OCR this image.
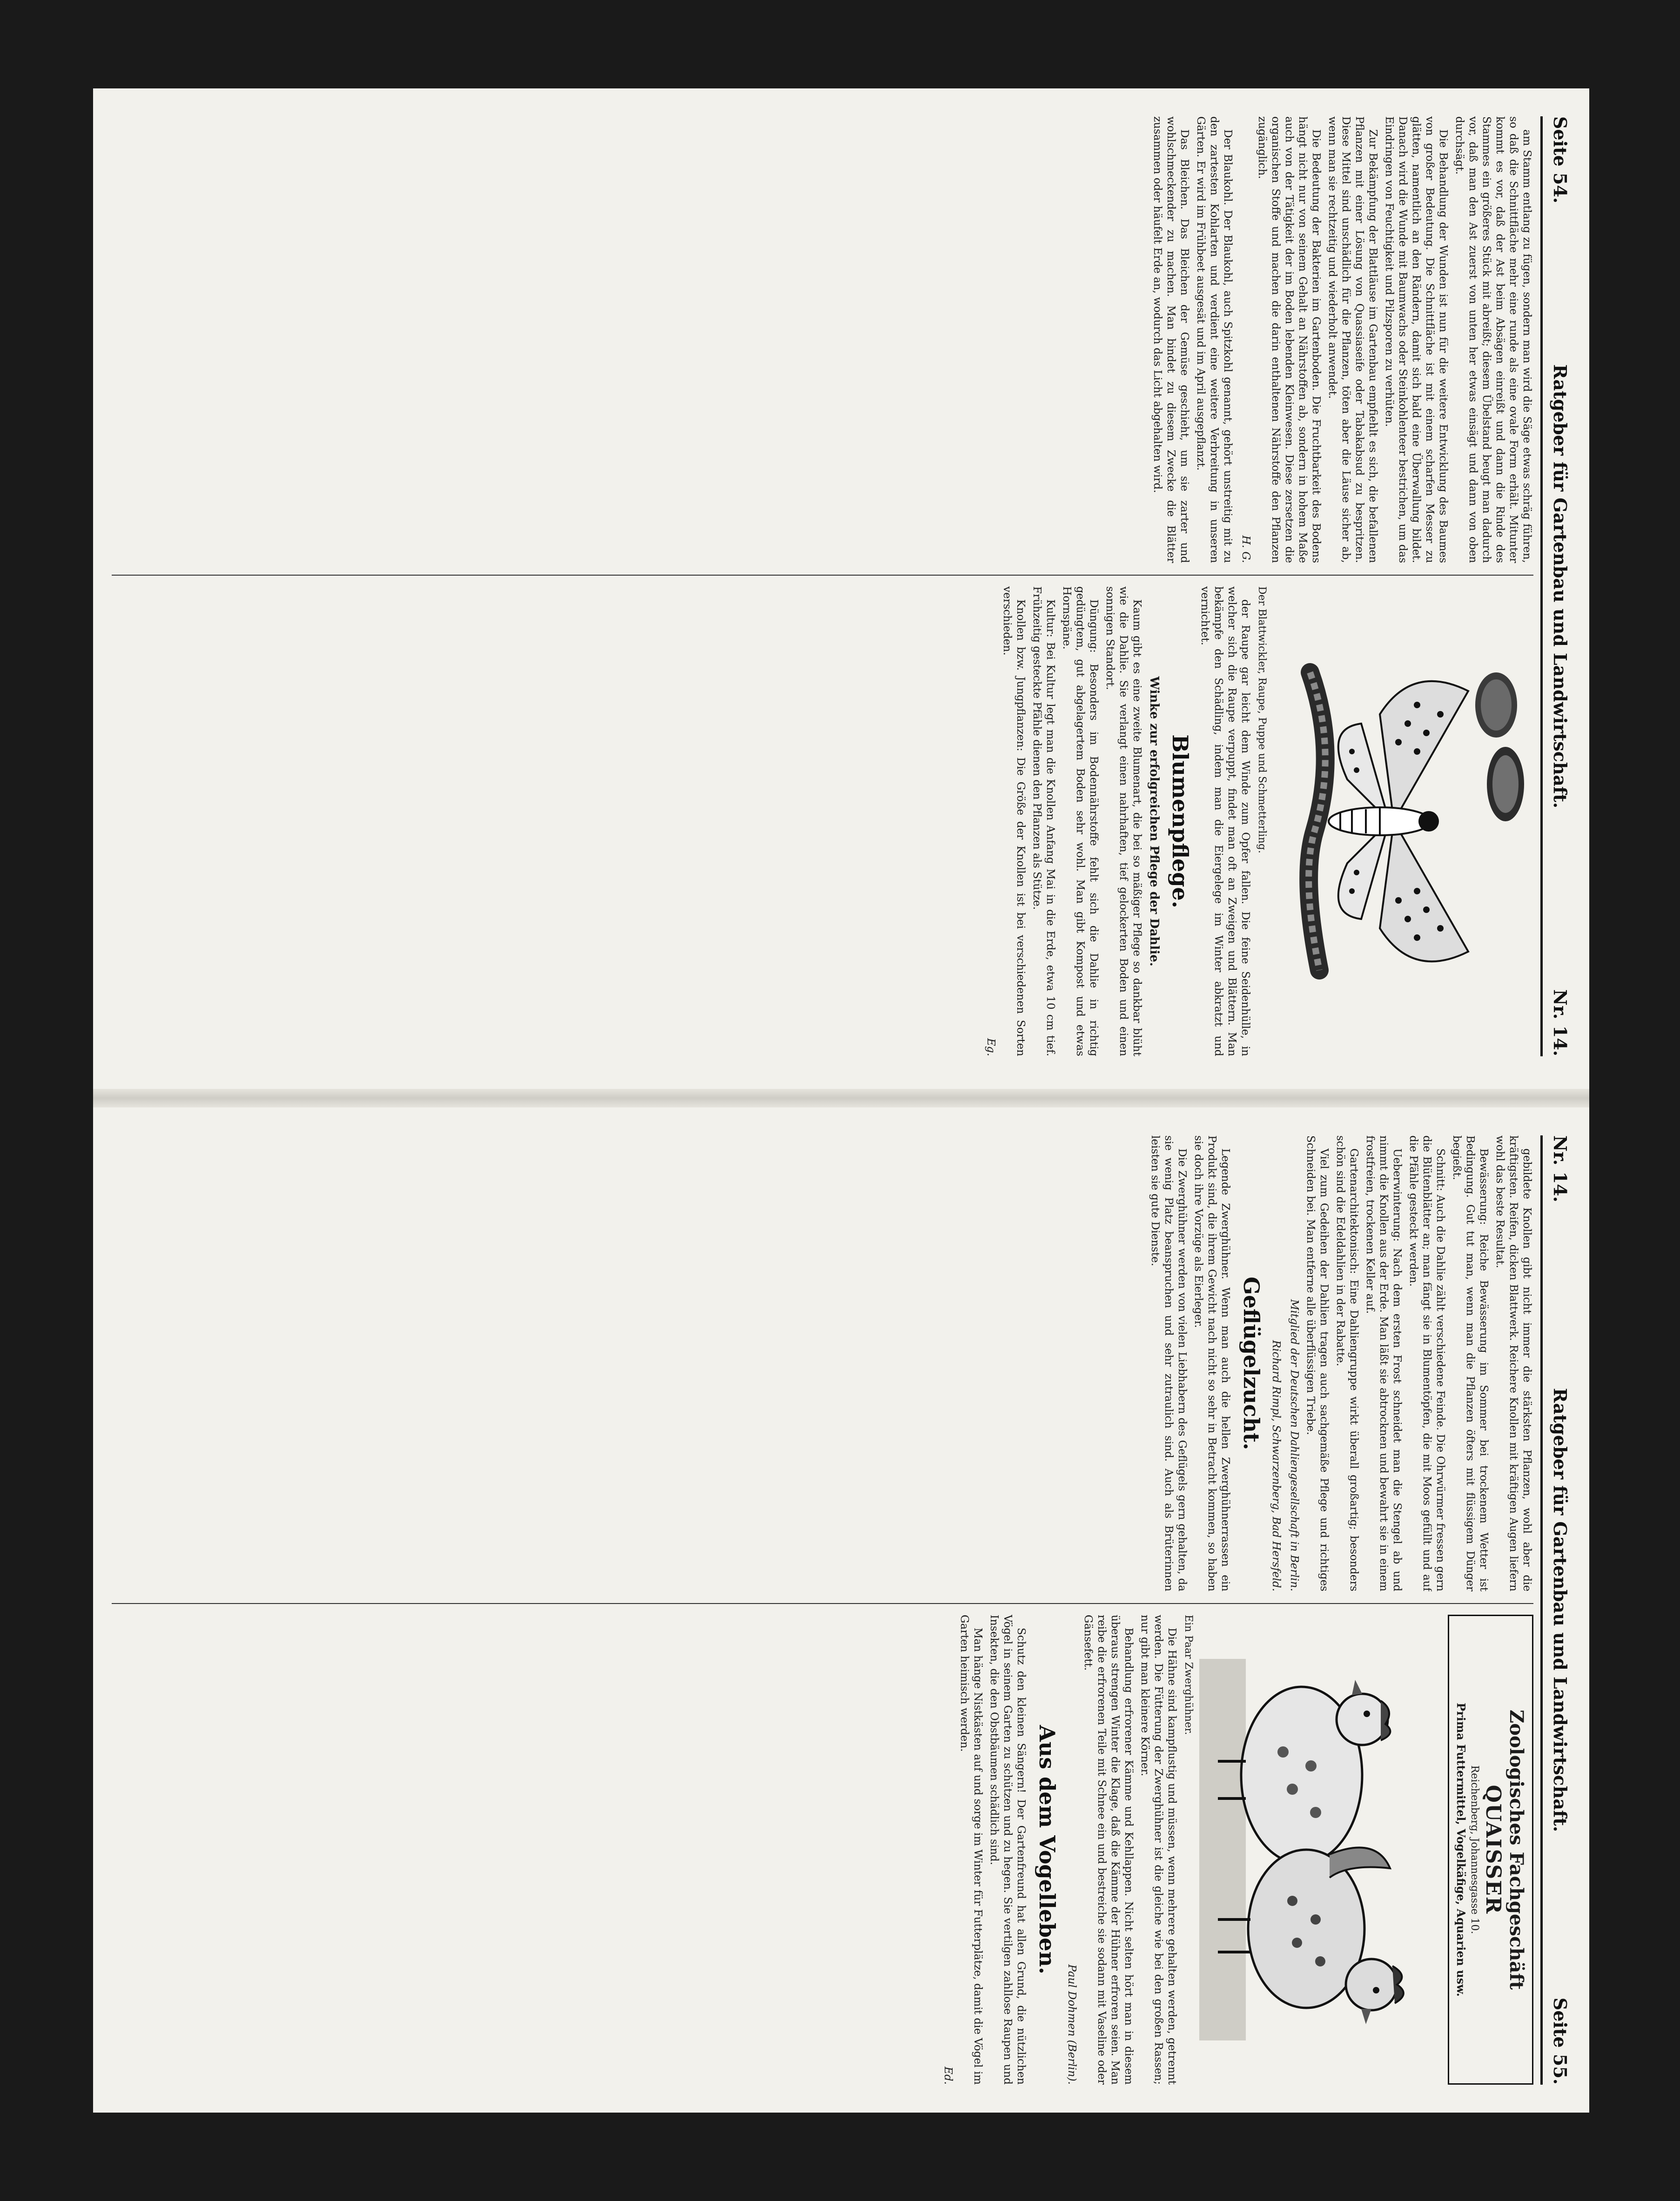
Seite 54.
Ratgeber für Gartenbau und Landwirtschaft.
Nr. 14.

am Stamm entlang zu fügen, sondern man wird die Säge etwas schräg führen, so daß die Schnittfläche mehr eine runde als eine ovale Form erhält. Mitunter kommt es vor, daß der Ast beim Absägen einreißt und dann die Rinde des Stammes ein größeres Stück mit abreißt; diesem Übelstand beugt man dadurch vor, daß man den Ast zuerst von unten her etwas einsägt und dann von oben durchsägt.

Die Behandlung der Wunden ist nun für die weitere Entwicklung des Baumes von großer Bedeutung. Die Schnittfläche ist mit einem scharfen Messer zu glätten, namentlich an den Rändern, damit sich bald eine Überwallung bildet. Danach wird die Wunde mit Baumwachs oder Steinkohlenteer bestrichen, um das Eindringen von Feuchtigkeit und Pilzsporen zu verhüten.

Zur Bekämpfung der Blattläuse im Gartenbau empfiehlt es sich, die befallenen Pflanzen mit einer Lösung von Quassiaseife oder Tabakabsud zu bespritzen. Diese Mittel sind unschädlich für die Pflanzen, töten aber die Läuse sicher ab, wenn man sie rechtzeitig und wiederholt anwendet.

Die Bedeutung der Bakterien im Gartenboden. Die Fruchtbarkeit des Bodens hängt nicht nur von seinem Gehalt an Nährstoffen ab, sondern in hohem Maße auch von der Tätigkeit der im Boden lebenden Kleinwesen. Diese zersetzen die organischen Stoffe und machen die darin enthaltenen Nährstoffe den Pflanzen zugänglich.

H. G.

Der Blaukohl. Der Blaukohl, auch Spitzkohl genannt, gehört unstreitig mit zu den zartesten Kohlarten und verdient eine weitere Verbreitung in unseren Gärten. Er wird im Frühbeet ausgesät und im April ausgepflanzt.

Das Bleichen. Das Bleichen der Gemüse geschieht, um sie zarter und wohlschmeckender zu machen. Man bindet zu diesem Zwecke die Blätter zusammen oder häufelt Erde an, wodurch das Licht abgehalten wird.

Der Blattwickler, Raupe, Puppe und Schmetterling.

der Raupe gar leicht dem Winde zum Opfer fallen. Die feine Seidenhülle, in welcher sich die Raupe verpuppt, findet man oft an Zweigen und Blättern. Man bekämpfe den Schädling, indem man die Eiergelege im Winter abkratzt und vernichtet.

Blumenpflege.
Winke zur erfolgreichen Pflege der Dahlie.

Kaum gibt es eine zweite Blumenart, die bei so mäßiger Pflege so dankbar blüht wie die Dahlie. Sie verlangt einen nahrhaften, tief gelockerten Boden und einen sonnigen Standort.

Düngung: Besonders im Bodennährstoffe fehlt sich die Dahlie in richtig gedüngtem, gut abgelagertem Boden sehr wohl. Man gibt Kompost und etwas Hornspäne.

Kultur: Bei Kultur legt man die Knollen Anfang Mai in die Erde, etwa 10 cm tief. Frühzeitig gesteckte Pfähle dienen den Pflanzen als Stütze.

Knollen bzw. Jungpflanzen: Die Größe der Knollen ist bei verschiedenen Sorten verschieden.

Eg.
Nr. 14.
Ratgeber für Gartenbau und Landwirtschaft.
Seite 55.

gebildete Knollen gibt nicht immer die stärksten Pflanzen, wohl aber die kräftigsten. Reifen, dicken Blattwerk. Reichere Knollen mit kräftigen Augen liefern wohl das beste Resultat.

Bewässerung: Reiche Bewässerung im Sommer bei trockenem Wetter ist Bedingung. Gut tut man, wenn man die Pflanzen öfters mit flüssigem Dünger begießt.

Schnitt: Auch die Dahlie zählt verschiedene Feinde. Die Ohrwürmer fressen gern die Blütenblätter an; man fängt sie in Blumentöpfen, die mit Moos gefüllt und auf die Pfähle gesteckt werden.

Ueberwinterung: Nach dem ersten Frost schneidet man die Stengel ab und nimmt die Knollen aus der Erde. Man läßt sie abtrocknen und bewahrt sie in einem frostfreien, trockenen Keller auf.

Gartenarchitektonisch: Eine Dahliengruppe wirkt überall großartig; besonders schön sind die Edeldahlien in der Rabatte.

Viel zum Gedeihen der Dahlien tragen auch sachgemäße Pflege und richtiges Schneiden bei. Man entferne alle überflüssigen Triebe.

Mitglied der Deutschen Dahliengesellschaft in Berlin.
Richard Rimpl, Schwarzenberg, Bad Hersfeld.
Geflügelzucht.

Legende Zwerghühner. Wenn man auch die hellen Zwerghühnerrassen ein Produkt sind, die ihrem Gewicht nach nicht so sehr in Betracht kommen, so haben sie doch ihre Vorzüge als Eierleger.

Die Zwerghühner werden von vielen Liebhabern des Geflügels gern gehalten, da sie wenig Platz beanspruchen und sehr zutraulich sind. Auch als Brüterinnen leisten sie gute Dienste.

Zoologisches Fachgeschäft
QUAISSER
Reichenberg, Johannesgasse 10.
Prima Futtermittel, Vogelkäfige, Aquarien usw.
Ein Paar Zwerghühner.

Die Hähne sind kampflustig und müssen, wenn mehrere gehalten werden, getrennt werden. Die Fütterung der Zwerghühner ist die gleiche wie bei den großen Rassen; nur gibt man kleinere Körner.

Behandlung erfrorener Kämme und Kehllappen. Nicht selten hört man in diesem überaus strengen Winter die Klage, daß die Kämme der Hühner erfroren seien. Man reibe die erfrorenen Teile mit Schnee ein und bestreiche sie sodann mit Vaseline oder Gänsefett.

Paul Dohmen (Berlin).
Aus dem Vogelleben.

Schutz den kleinen Sängern! Der Gartenfreund hat allen Grund, die nützlichen Vögel in seinem Garten zu schützen und zu hegen. Sie vertilgen zahllose Raupen und Insekten, die den Obstbäumen schädlich sind.

Man hänge Nistkästen auf und sorge im Winter für Futterplätze, damit die Vögel im Garten heimisch werden.

Ed.
